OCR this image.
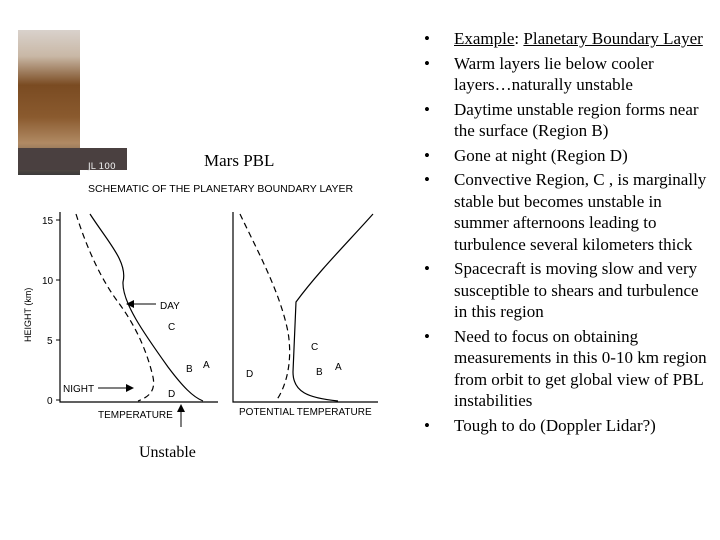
JL 100	Mars PBL
SCHEMATIC OF THE PLANETARY BOUNDARY LAYER
HEIGHT (km)
15
10
5
0
DAY
C
NIGHT
B A
D
TEMPERATURE
C
D	B A
POTENTIAL TEMPERATURE
Unstable
• Example: Planetary Boundary Layer
• Warm layers lie below cooler layers…naturally unstable
• Daytime unstable region forms near the surface (Region B)
• Gone at night (Region D)
• Convective Region, C , is marginally stable but becomes unstable in summer afternoons leading to turbulence several kilometers thick
• Spacecraft is moving slow and very susceptible to shears and turbulence in this region
• Need to focus on obtaining measurements in this 0-10 km region from orbit to get global view of PBL instabilities
• Tough to do (Doppler Lidar?)
